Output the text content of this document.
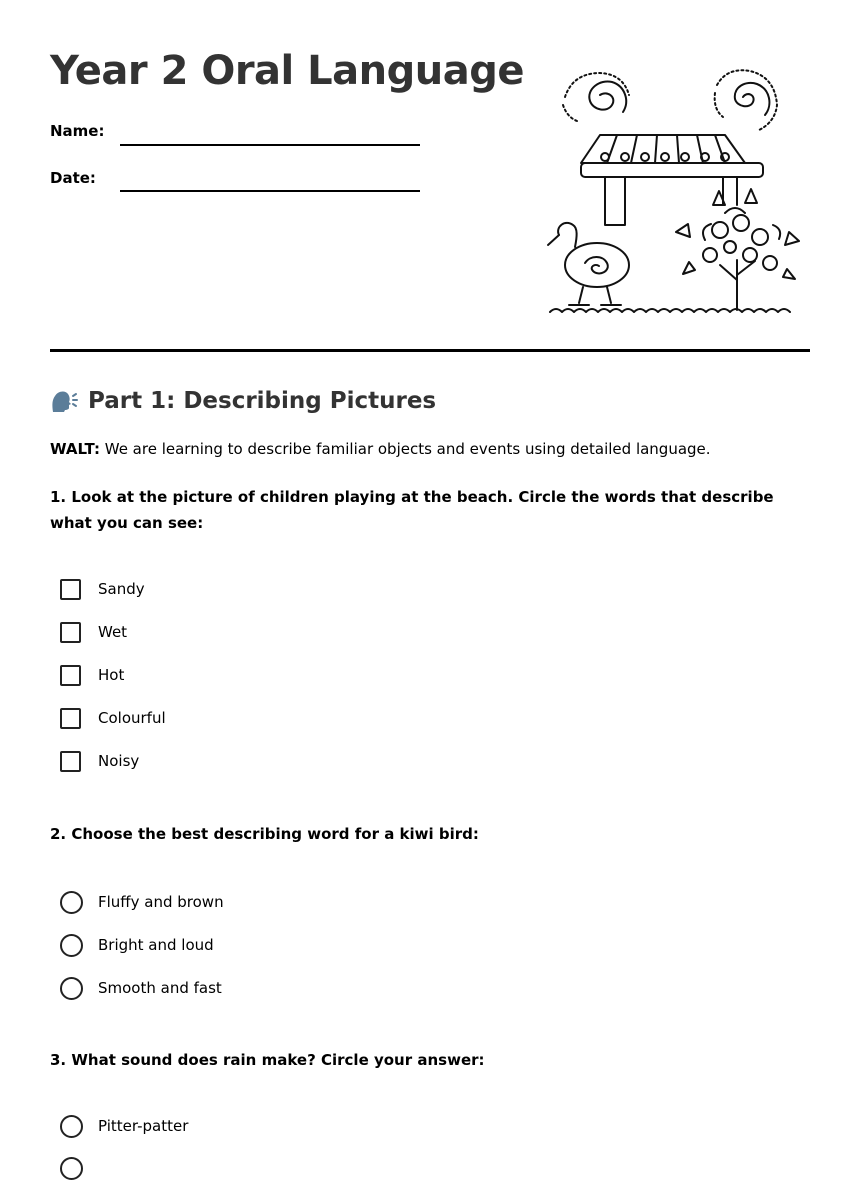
Year 2 Oral Language
Name:
Date:
Part 1: Describing Pictures
WALT: We are learning to describe familiar objects and events using detailed language.

1. Look at the picture of children playing at the beach. Circle the words that describe what you can see:

Sandy
Wet
Hot
Colourful
Noisy

2. Choose the best describing word for a kiwi bird:

Fluffy and brown
Bright and loud
Smooth and fast

3. What sound does rain make? Circle your answer:

Pitter-patter
